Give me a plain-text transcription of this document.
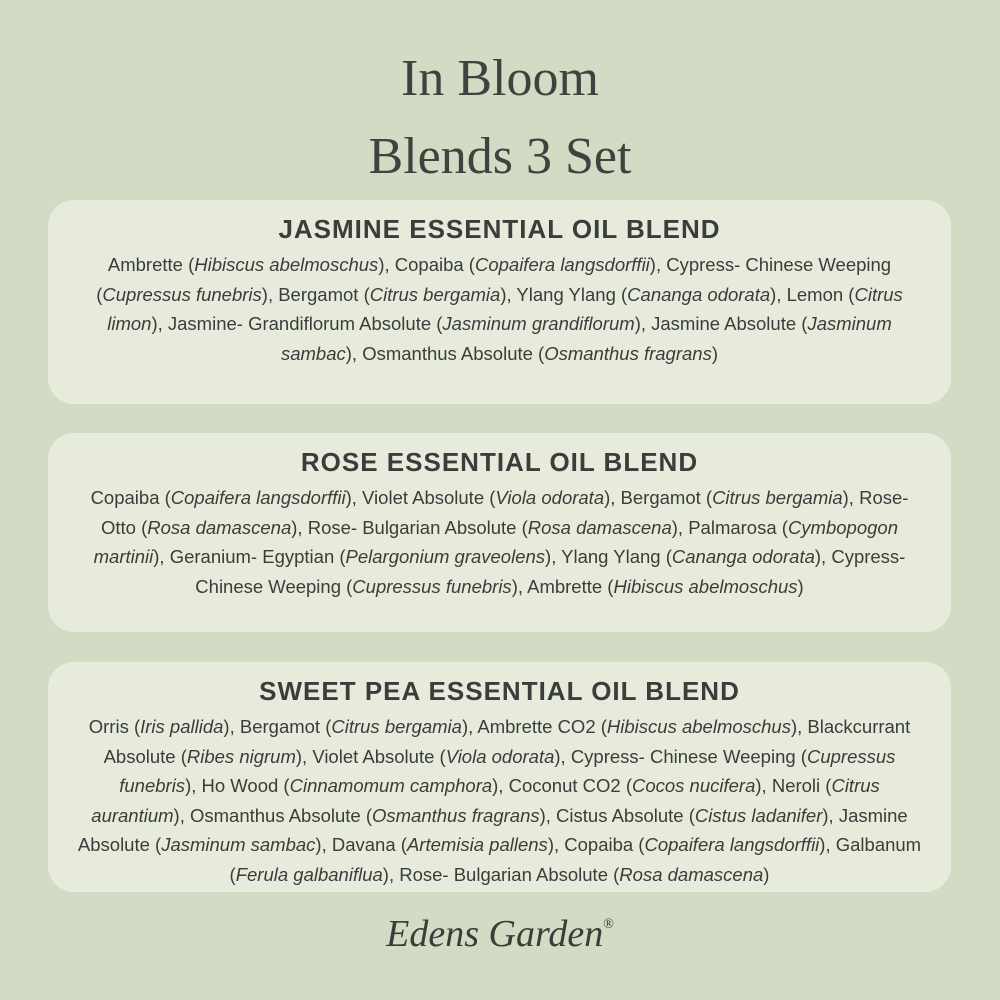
In Bloom
Blends 3 Set
JASMINE ESSENTIAL OIL BLEND

Ambrette (Hibiscus abelmoschus), Copaiba (Copaifera langsdorffii), Cypress- Chinese Weeping (Cupressus funebris), Bergamot (Citrus bergamia), Ylang Ylang (Cananga odorata), Lemon (Citrus limon), Jasmine- Grandiflorum Absolute (Jasminum grandiflorum), Jasmine Absolute (Jasminum sambac), Osmanthus Absolute (Osmanthus fragrans)

ROSE ESSENTIAL OIL BLEND

Copaiba (Copaifera langsdorffii), Violet Absolute (Viola odorata), Bergamot (Citrus bergamia), Rose- Otto (Rosa damascena), Rose- Bulgarian Absolute (Rosa damascena), Palmarosa (Cymbopogon martinii), Geranium- Egyptian (Pelargonium graveolens), Ylang Ylang (Cananga odorata), Cypress- Chinese Weeping (Cupressus funebris), Ambrette (Hibiscus abelmoschus)

SWEET PEA ESSENTIAL OIL BLEND

Orris (Iris pallida), Bergamot (Citrus bergamia), Ambrette CO2 (Hibiscus abelmoschus), Blackcurrant Absolute (Ribes nigrum), Violet Absolute (Viola odorata), Cypress- Chinese Weeping (Cupressus funebris), Ho Wood (Cinnamomum camphora), Coconut CO2 (Cocos nucifera), Neroli (Citrus aurantium), Osmanthus Absolute (Osmanthus fragrans), Cistus Absolute (Cistus ladanifer), Jasmine Absolute (Jasminum sambac), Davana (Artemisia pallens), Copaiba (Copaifera langsdorffii), Galbanum (Ferula galbaniflua), Rose- Bulgarian Absolute (Rosa damascena)

Edens Garden®
